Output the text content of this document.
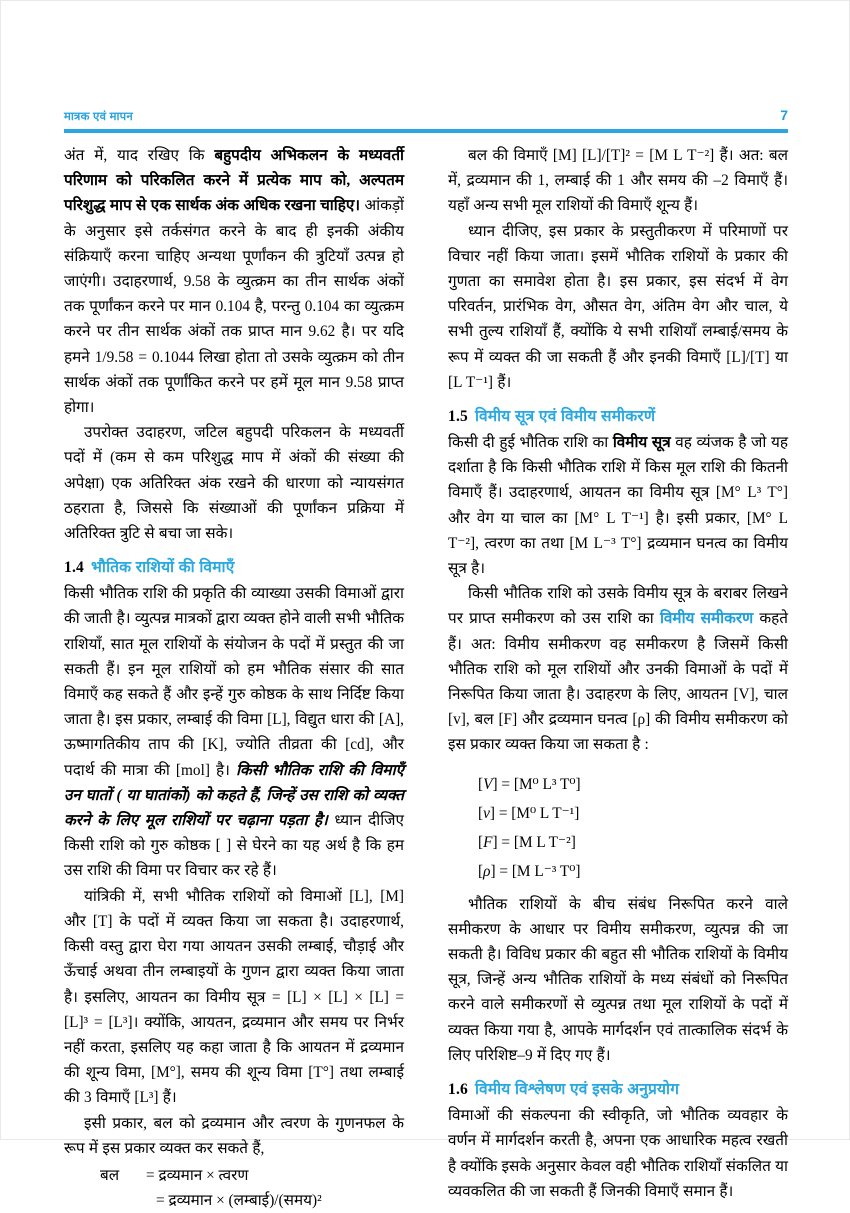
मात्रक एवं मापन	7

अंत में, याद रखिए कि बहुपदीय अभिकलन के मध्यवर्ती परिणाम को परिकलित करने में प्रत्येक माप को, अल्पतम परिशुद्ध माप से एक सार्थक अंक अधिक रखना चाहिए। आंकड़ों के अनुसार इसे तर्कसंगत करने के बाद ही इनकी अंकीय संक्रियाएँ करना चाहिए अन्यथा पूर्णांकन की त्रुटियाँ उत्पन्न हो जाएंगी। उदाहरणार्थ, 9.58 के व्युत्क्रम का तीन सार्थक अंकों तक पूर्णांकन करने पर मान 0.104 है, परन्तु 0.104 का व्युत्क्रम करने पर तीन सार्थक अंकों तक प्राप्त मान 9.62 है। पर यदि हमने 1/9.58 = 0.1044 लिखा होता तो उसके व्युत्क्रम को तीन सार्थक अंकों तक पूर्णांकित करने पर हमें मूल मान 9.58 प्राप्त होगा।

उपरोक्त उदाहरण, जटिल बहुपदी परिकलन के मध्यवर्ती पदों में (कम से कम परिशुद्ध माप में अंकों की संख्या की अपेक्षा) एक अतिरिक्त अंक रखने की धारणा को न्यायसंगत ठहराता है, जिससे कि संख्याओं की पूर्णांकन प्रक्रिया में अतिरिक्त त्रुटि से बचा जा सके।

1.4 भौतिक राशियों की विमाएँ

किसी भौतिक राशि की प्रकृति की व्याख्या उसकी विमाओं द्वारा की जाती है। व्युत्पन्न मात्रकों द्वारा व्यक्त होने वाली सभी भौतिक राशियाँ, सात मूल राशियों के संयोजन के पदों में प्रस्तुत की जा सकती हैं। इन मूल राशियों को हम भौतिक संसार की सात विमाएँ कह सकते हैं और इन्हें गुरु कोष्ठक के साथ निर्दिष्ट किया जाता है। इस प्रकार, लम्बाई की विमा [L], विद्युत धारा की [A], ऊष्मागतिकीय ताप की [K], ज्योति तीव्रता की [cd], और पदार्थ की मात्रा की [mol] है। किसी भौतिक राशि की विमाएँ उन घातों ( या घातांकों) को कहते हैं, जिन्हें उस राशि को व्यक्त करने के लिए मूल राशियों पर चढ़ाना पड़ता है। ध्यान दीजिए किसी राशि को गुरु कोष्ठक [ ] से घेरने का यह अर्थ है कि हम उस राशि की विमा पर विचार कर रहे हैं।

यांत्रिकी में, सभी भौतिक राशियों को विमाओं [L], [M] और [T] के पदों में व्यक्त किया जा सकता है। उदाहरणार्थ, किसी वस्तु द्वारा घेरा गया आयतन उसकी लम्बाई, चौड़ाई और ऊँचाई अथवा तीन लम्बाइयों के गुणन द्वारा व्यक्त किया जाता है। इसलिए, आयतन का विमीय सूत्र = [L] × [L] × [L] = [L]³ = [L³]। क्योंकि, आयतन, द्रव्यमान और समय पर निर्भर नहीं करता, इसलिए यह कहा जाता है कि आयतन में द्रव्यमान की शून्य विमा, [M°], समय की शून्य विमा [T°] तथा लम्बाई की 3 विमाएँ [L³] हैं।

इसी प्रकार, बल को द्रव्यमान और त्वरण के गुणनफल के रूप में इस प्रकार व्यक्त कर सकते हैं,

बल = द्रव्यमान × त्वरण
= द्रव्यमान × (लम्बाई)/(समय)²

बल की विमाएँ [M] [L]/[T]² = [M L T⁻²] हैं। अत: बल में, द्रव्यमान की 1, लम्बाई की 1 और समय की –2 विमाएँ हैं। यहाँ अन्य सभी मूल राशियों की विमाएँ शून्य हैं।

ध्यान दीजिए, इस प्रकार के प्रस्तुतीकरण में परिमाणों पर विचार नहीं किया जाता। इसमें भौतिक राशियों के प्रकार की गुणता का समावेश होता है। इस प्रकार, इस संदर्भ में वेग परिवर्तन, प्रारंभिक वेग, औसत वेग, अंतिम वेग और चाल, ये सभी तुल्य राशियाँ हैं, क्योंकि ये सभी राशियाँ लम्बाई/समय के रूप में व्यक्त की जा सकती हैं और इनकी विमाएँ [L]/[T] या [L T⁻¹] हैं।

1.5 विमीय सूत्र एवं विमीय समीकरणें

किसी दी हुई भौतिक राशि का विमीय सूत्र वह व्यंजक है जो यह दर्शाता है कि किसी भौतिक राशि में किस मूल राशि की कितनी विमाएँ हैं। उदाहरणार्थ, आयतन का विमीय सूत्र [M° L³ T°] और वेग या चाल का [M° L T⁻¹] है। इसी प्रकार, [M° L T⁻²], त्वरण का तथा [M L⁻³ T°] द्रव्यमान घनत्व का विमीय सूत्र है।

किसी भौतिक राशि को उसके विमीय सूत्र के बराबर लिखने पर प्राप्त समीकरण को उस राशि का विमीय समीकरण कहते हैं। अत: विमीय समीकरण वह समीकरण है जिसमें किसी भौतिक राशि को मूल राशियों और उनकी विमाओं के पदों में निरूपित किया जाता है। उदाहरण के लिए, आयतन [V], चाल [v], बल [F] और द्रव्यमान घनत्व [ρ] की विमीय समीकरण को इस प्रकार व्यक्त किया जा सकता है :

[V] = [M⁰ L³ T⁰]
[v] = [M⁰ L T⁻¹]
[F] = [M L T⁻²]
[ρ] = [M L⁻³ T⁰]

भौतिक राशियों के बीच संबंध निरूपित करने वाले समीकरण के आधार पर विमीय समीकरण, व्युत्पन्न की जा सकती है। विविध प्रकार की बहुत सी भौतिक राशियों के विमीय सूत्र, जिन्हें अन्य भौतिक राशियों के मध्य संबंधों को निरूपित करने वाले समीकरणों से व्युत्पन्न तथा मूल राशियों के पदों में व्यक्त किया गया है, आपके मार्गदर्शन एवं तात्कालिक संदर्भ के लिए परिशिष्ट–9 में दिए गए हैं।

1.6 विमीय विश्लेषण एवं इसके अनुप्रयोग

विमाओं की संकल्पना की स्वीकृति, जो भौतिक व्यवहार के वर्णन में मार्गदर्शन करती है, अपना एक आधारिक महत्व रखती है क्योंकि इसके अनुसार केवल वही भौतिक राशियाँ संकलित या व्यवकलित की जा सकती हैं जिनकी विमाएँ समान हैं।
